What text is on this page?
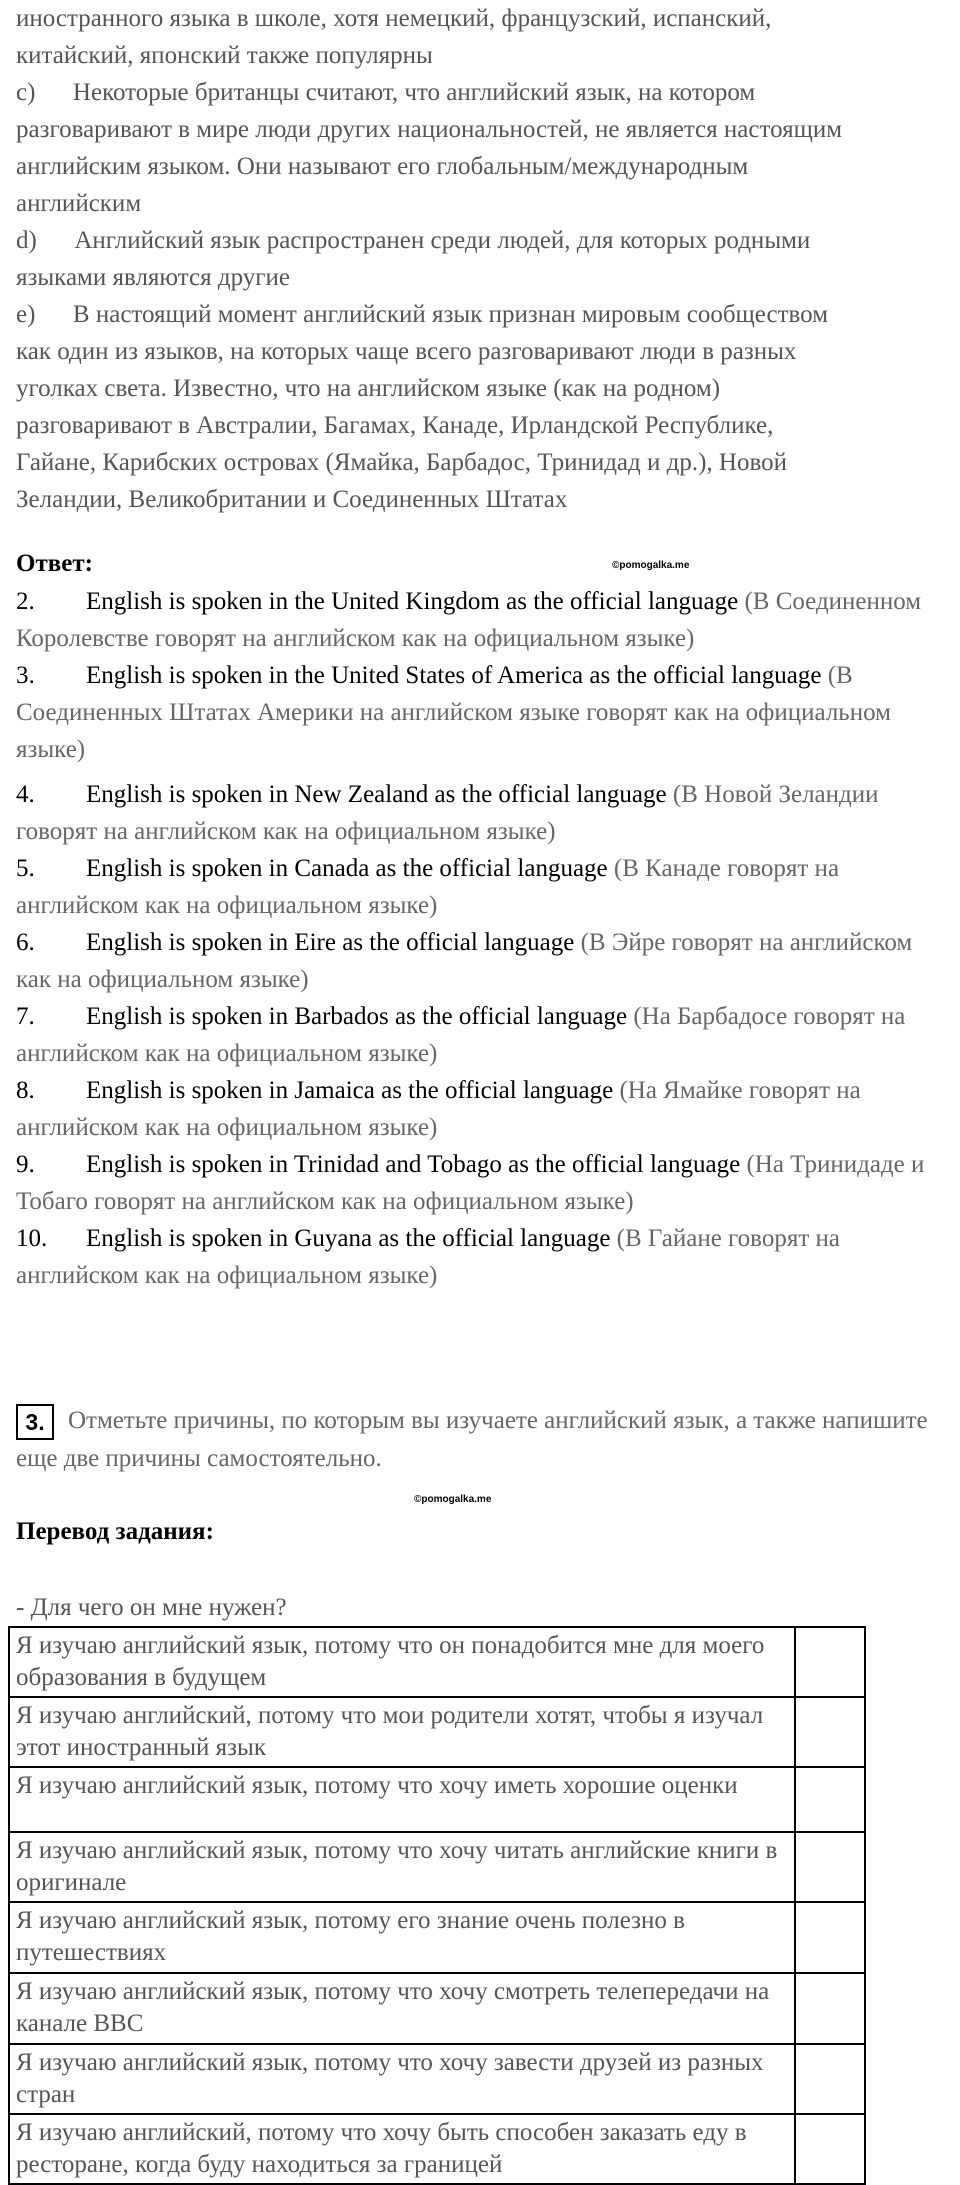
иностранного языка в школе, хотя немецкий, французский, испанский,

китайский, японский также популярны

c)      Некоторые британцы считают, что английский язык, на котором

разговаривают в мире люди других национальностей, не является настоящим

английским языком. Они называют его глобальным/международным

английским

d)      Английский язык распространен среди людей, для которых родными

языками являются другие

e)      В настоящий момент английский язык признан мировым сообществом

как один из языков, на которых чаще всего разговаривают люди в разных

уголках света. Известно, что на английском языке (как на родном)

разговаривают в Австралии, Багамах, Канаде, Ирландской Республике,

Гайане, Карибских островах (Ямайка, Барбадос, Тринидад и др.), Новой

Зеландии, Великобритании и Соединенных Штатах

Ответ:	©pomogalka.me

2. English is spoken in the United Kingdom as the official language (В Соединенном Королевстве говорят на английском как на официальном языке)

3. English is spoken in the United States of America as the official language (В Соединенных Штатах Америки на английском языке говорят как на официальном языке)

4. English is spoken in New Zealand as the official language (В Новой Зеландии говорят на английском как на официальном языке)

5. English is spoken in Canada as the official language (В Канаде говорят на английском как на официальном языке)

6. English is spoken in Eire as the official language (В Эйре говорят на английском как на официальном языке)

7. English is spoken in Barbados as the official language (На Барбадосе говорят на английском как на официальном языке)

8. English is spoken in Jamaica as the official language (На Ямайке говорят на английском как на официальном языке)

9. English is spoken in Trinidad and Tobago as the official language (На Тринидаде и Тобаго говорят на английском как на официальном языке)

10. English is spoken in Guyana as the official language (В Гайане говорят на английском как на официальном языке)

3. Отметьте причины, по которым вы изучаете английский язык, а также напишите еще две причины самостоятельно.

©pomogalka.me
Перевод задания:
- Для чего он мне нужен?
Я изучаю английский язык, потому что он понадобится мне для моего образования в будущем	
Я изучаю английский, потому что мои родители хотят, чтобы я изучал этот иностранный язык	
Я изучаю английский язык, потому что хочу иметь хорошие оценки	
Я изучаю английский язык, потому что хочу читать английские книги в оригинале	
Я изучаю английский язык, потому его знание очень полезно в путешествиях	
Я изучаю английский язык, потому что хочу смотреть телепередачи на канале BBC	
Я изучаю английский язык, потому что хочу завести друзей из разных стран	
Я изучаю английский, потому что хочу быть способен заказать еду в ресторане, когда буду находиться за границей	
